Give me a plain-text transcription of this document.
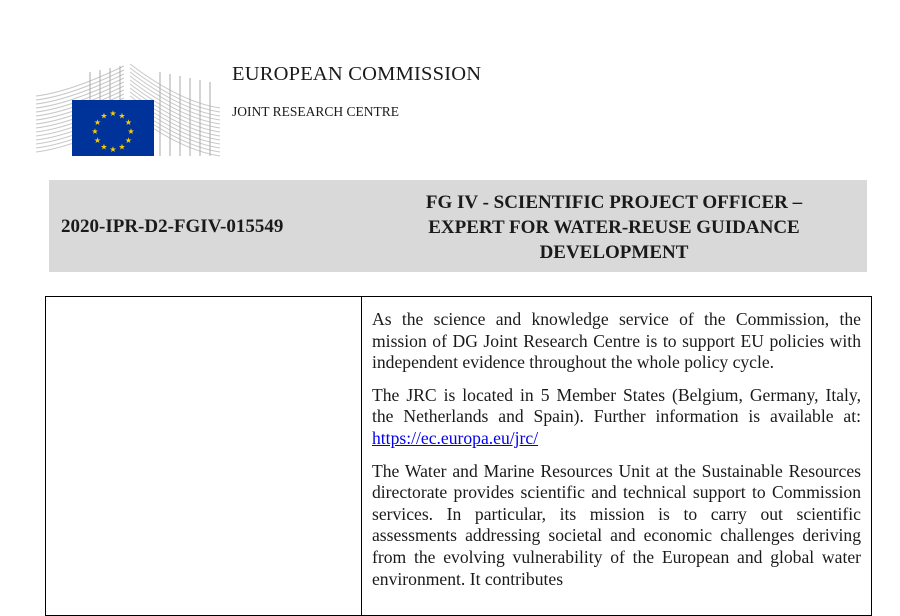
★ ★
★
★
★
★
★
★
★
★
★
★
EUROPEAN COMMISSION
JOINT RESEARCH CENTRE
2020-IPR-D2-FGIV-015549
FG IV - SCIENTIFIC PROJECT OFFICER –
EXPERT FOR WATER-REUSE GUIDANCE
DEVELOPMENT

As the science and knowledge service of the Commission, the mission of DG Joint Research Centre is to support EU policies with independent evidence throughout the whole policy cycle.

The JRC is located in 5 Member States (Belgium, Germany, Italy, the Netherlands and Spain). Further information is available at: https://ec.europa.eu/jrc/

The Water and Marine Resources Unit at the Sustainable Resources directorate provides scientific and technical support to Commission services. In particular, its mission is to carry out scientific assessments addressing societal and economic challenges deriving from the evolving vulnerability of the European and global water environment. It contributes
